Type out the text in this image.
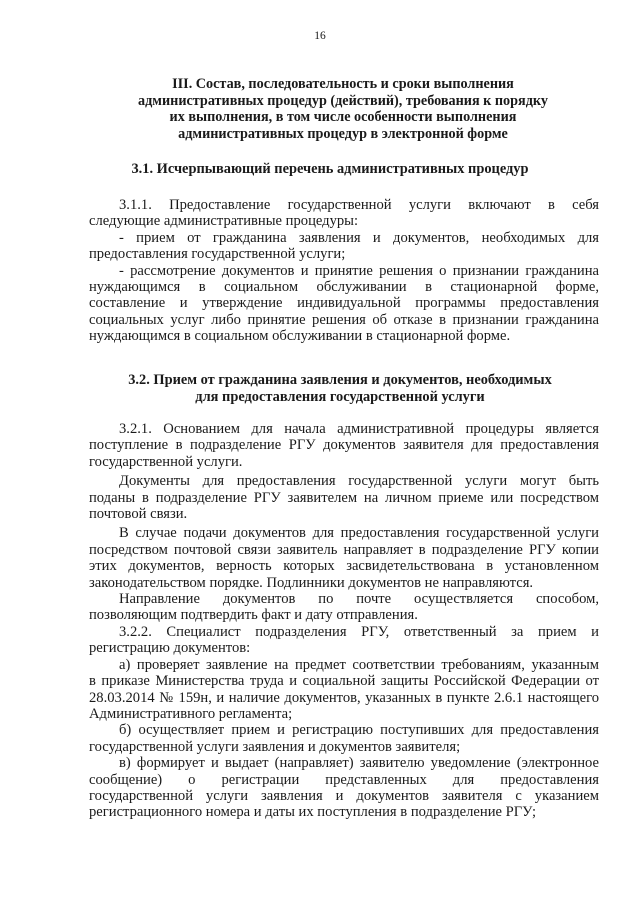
16
III. Состав, последовательность и сроки выполнения
административных процедур (действий), требования к порядку
их выполнения, в том числе особенности выполнения
административных процедур в электронной форме
3.1. Исчерпывающий перечень административных процедур

3.1.1. Предоставление государственной услуги включают в себя
следующие административные процедуры:

- прием от гражданина заявления и документов, необходимых для
предоставления государственной услуги;

- рассмотрение документов и принятие решения о признании гражданина
нуждающимся в социальном обслуживании в стационарной форме,
составление и утверждение индивидуальной программы предоставления
социальных услуг либо принятие решения об отказе в признании гражданина
нуждающимся в социальном обслуживании в стационарной форме.

3.2. Прием от гражданина заявления и документов, необходимых
для предоставления государственной услуги

3.2.1. Основанием для начала административной процедуры является
поступление в подразделение РГУ документов заявителя для предоставления
государственной услуги.

Документы для предоставления государственной услуги могут быть
поданы в подразделение РГУ заявителем на личном приеме или посредством
почтовой связи.

В случае подачи документов для предоставления государственной услуги
посредством почтовой связи заявитель направляет в подразделение РГУ копии
этих документов, верность которых засвидетельствована в установленном
законодательством порядке. Подлинники документов не направляются.

Направление документов по почте осуществляется способом,
позволяющим подтвердить факт и дату отправления.

3.2.2. Специалист подразделения РГУ, ответственный за прием и
регистрацию документов:

а) проверяет заявление на предмет соответствии требованиям, указанным
в приказе Министерства труда и социальной защиты Российской Федерации от
28.03.2014 № 159н, и наличие документов, указанных в пункте 2.6.1 настоящего
Административного регламента;

б) осуществляет прием и регистрацию поступивших для предоставления
государственной услуги заявления и документов заявителя;

в) формирует и выдает (направляет) заявителю уведомление (электронное
сообщение) о регистрации представленных для предоставления
государственной услуги заявления и документов заявителя с указанием
регистрационного номера и даты их поступления в подразделение РГУ;
